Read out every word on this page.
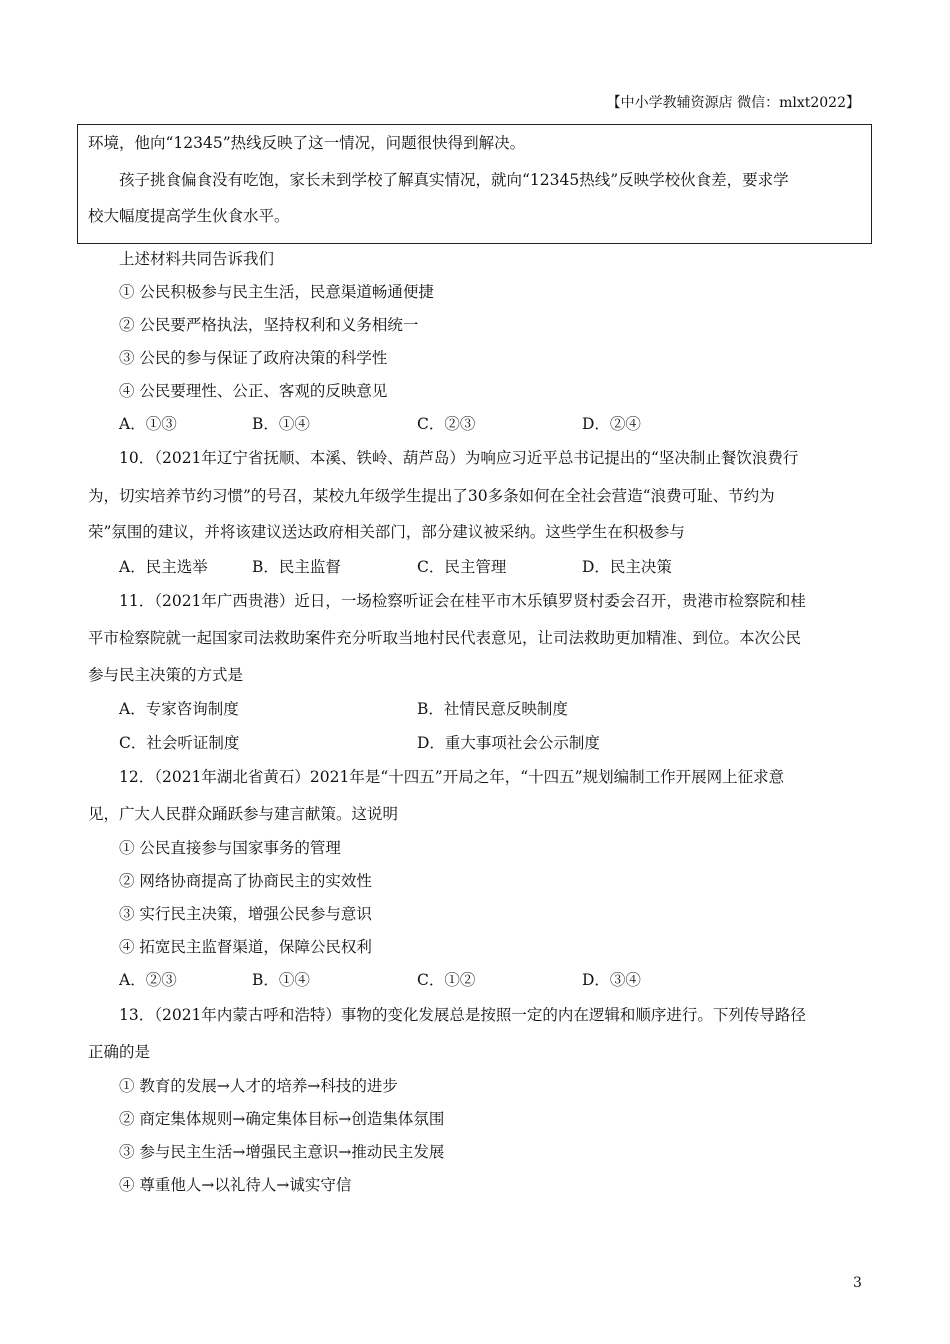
【中小学教辅资源店 微信：mlxt2022】
环境，他向“12345”热线反映了这一情况，问题很快得到解决。
孩子挑食偏食没有吃饱，家长未到学校了解真实情况，就向“12345热线”反映学校伙食差，要求学
校大幅度提高学生伙食水平。
上述材料共同告诉我们
① 公民积极参与民主生活，民意渠道畅通便捷
② 公民要严格执法，坚持权利和义务相统一
③ 公民的参与保证了政府决策的科学性
④ 公民要理性、公正、客观的反映意见
A．①③	B．①④	C．②③	D．②④
10．（2021年辽宁省抚顺、本溪、铁岭、葫芦岛）为响应习近平总书记提出的“坚决制止餐饮浪费行
为，切实培养节约习惯”的号召，某校九年级学生提出了30多条如何在全社会营造“浪费可耻、节约为
荣”氛围的建议，并将该建议送达政府相关部门，部分建议被采纳。这些学生在积极参与
A．民主选举	B．民主监督	C．民主管理	D．民主决策
11．（2021年广西贵港）近日，一场检察听证会在桂平市木乐镇罗贤村委会召开，贵港市检察院和桂
平市检察院就一起国家司法救助案件充分听取当地村民代表意见，让司法救助更加精准、到位。本次公民
参与民主决策的方式是
A．专家咨询制度	B．社情民意反映制度
C．社会听证制度	D．重大事项社会公示制度
12．（2021年湖北省黄石）2021年是“十四五”开局之年，“十四五”规划编制工作开展网上征求意
见，广大人民群众踊跃参与建言献策。这说明
① 公民直接参与国家事务的管理
② 网络协商提高了协商民主的实效性
③ 实行民主决策，增强公民参与意识
④ 拓宽民主监督渠道，保障公民权利
A．②③	B．①④	C．①②	D．③④
13．（2021年内蒙古呼和浩特）事物的变化发展总是按照一定的内在逻辑和顺序进行。下列传导路径
正确的是
① 教育的发展→人才的培养→科技的进步
② 商定集体规则→确定集体目标→创造集体氛围
③ 参与民主生活→增强民主意识→推动民主发展
④ 尊重他人→以礼待人→诚实守信
3
